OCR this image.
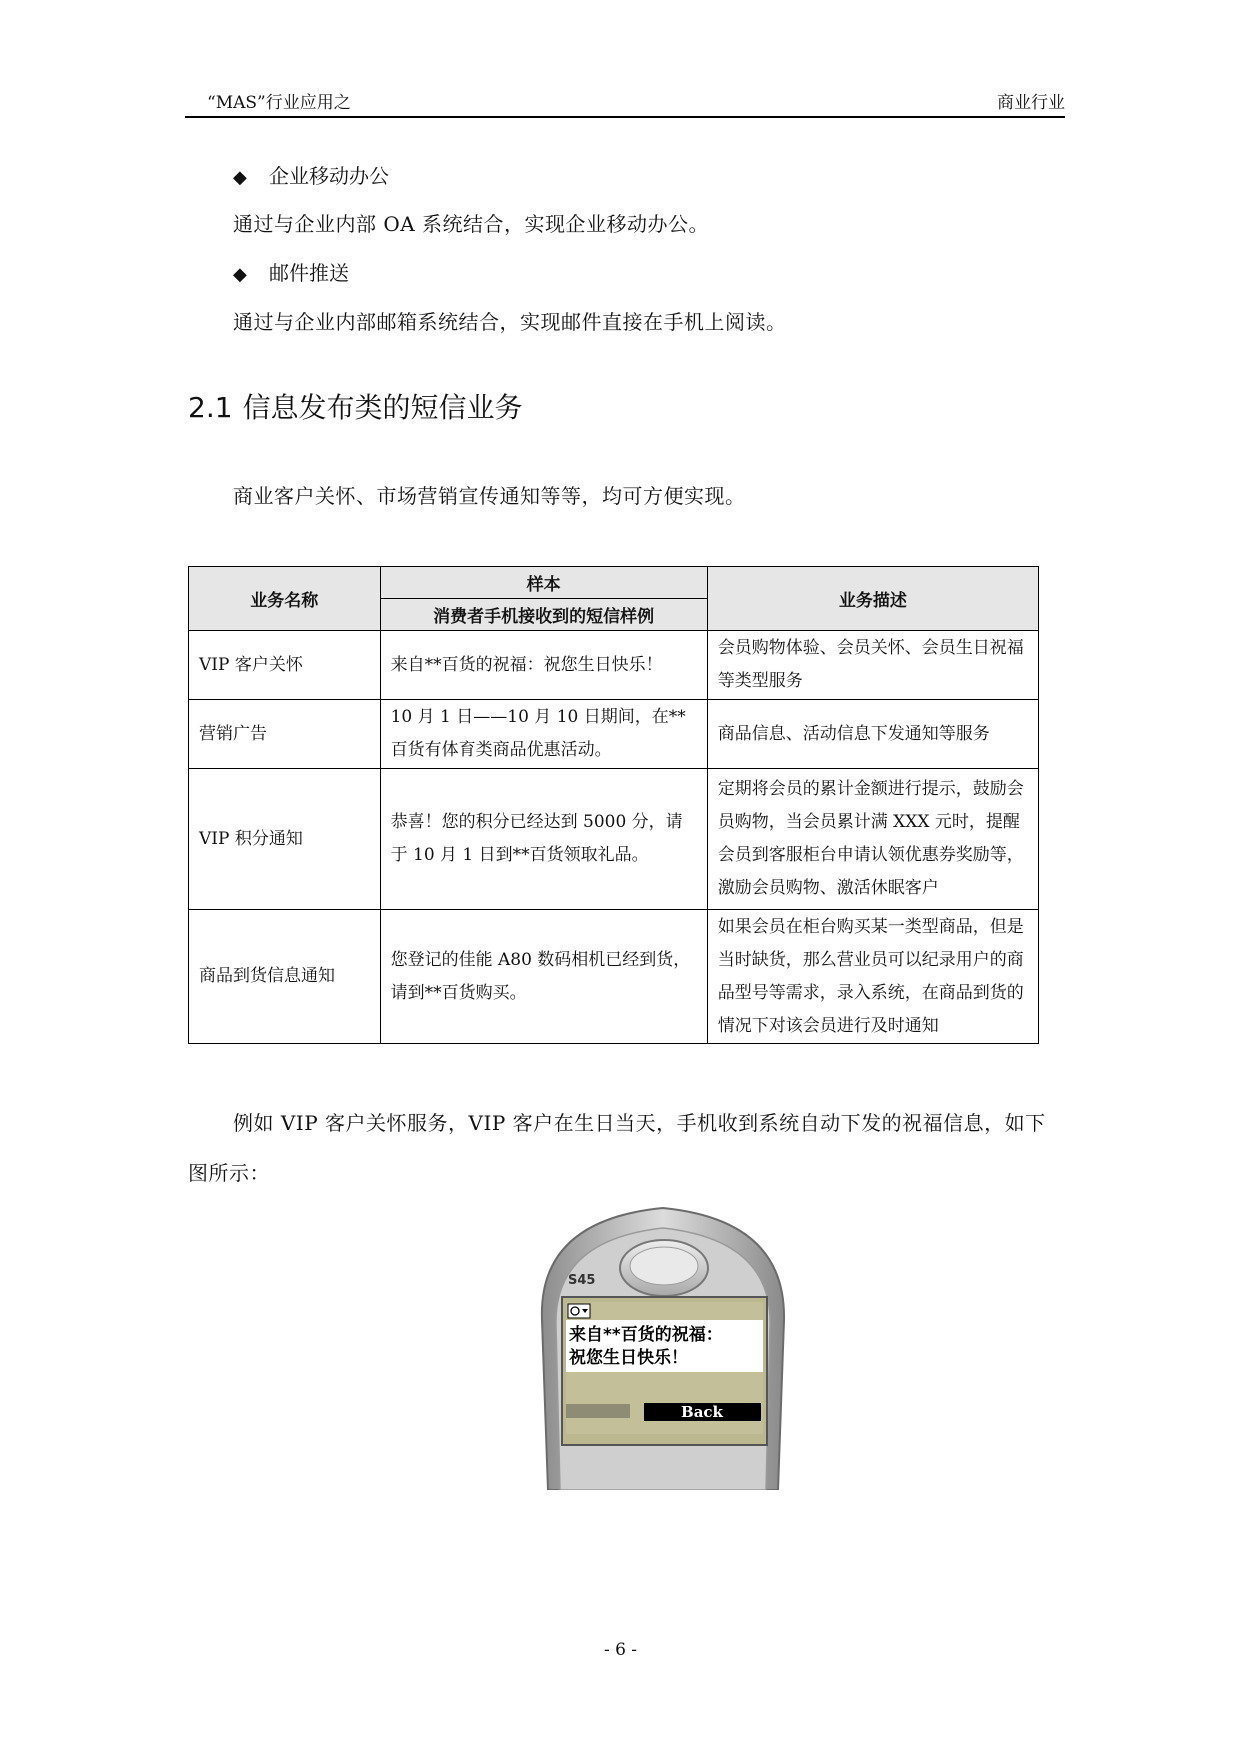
“MAS”行业应用之	商业行业
◆ 企业移动办公
通过与企业内部 OA 系统结合，实现企业移动办公。
◆ 邮件推送
通过与企业内部邮箱系统结合，实现邮件直接在手机上阅读。
2.1 信息发布类的短信业务
商业客户关怀、市场营销宣传通知等等，均可方便实现。
业务名称	样本	业务描述
	消费者手机接收到的短信样例	
VIP 客户关怀	来自**百货的祝福：祝您生日快乐！	会员购物体验、会员关怀、会员生日祝福等类型服务
营销广告	10 月 1 日——10 月 10 日期间，在**百货有体育类商品优惠活动。	商品信息、活动信息下发通知等服务
VIP 积分通知	恭喜！您的积分已经达到 5000 分，请于 10 月 1 日到**百货领取礼品。	定期将会员的累计金额进行提示，鼓励会员购物，当会员累计满 XXX 元时，提醒会员到客服柜台申请认领优惠券奖励等，激励会员购物、激活休眠客户
商品到货信息通知	您登记的佳能 A80 数码相机已经到货，请到**百货购买。	如果会员在柜台购买某一类型商品，但是当时缺货，那么营业员可以纪录用户的商品型号等需求，录入系统，在商品到货的情况下对该会员进行及时通知
例如 VIP 客户关怀服务，VIP 客户在生日当天，手机收到系统自动下发的祝福信息，如下图所示：
S45
来自**百货的祝福：
祝您生日快乐！
Back
- 6 -
